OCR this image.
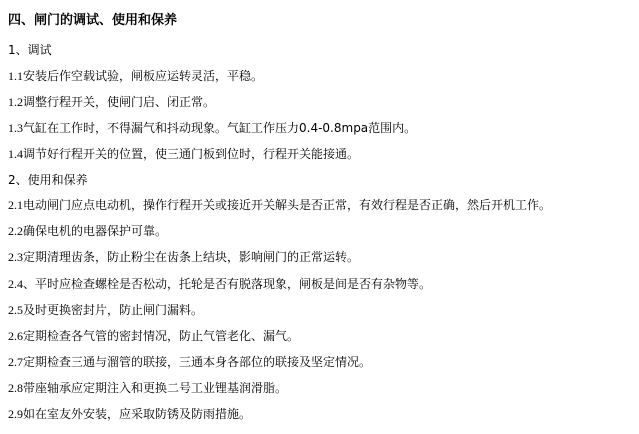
四、闸门的调试、使用和保养
1、调试
1.1安装后作空载试验，闸板应运转灵活，平稳。
1.2调整行程开关，使闸门启、闭正常。
1.3气缸在工作时，不得漏气和抖动现象。气缸工作压力0.4-0.8mpa范围内。
1.4调节好行程开关的位置，使三通门板到位时，行程开关能接通。
2、使用和保养
2.1电动闸门应点电动机，操作行程开关或接近开关解头是否正常，有效行程是否正确，然后开机工作。
2.2确保电机的电器保护可靠。
2.3定期清理齿条，防止粉尘在齿条上结块，影响闸门的正常运转。
2.4、平时应检查螺栓是否松动，托轮是否有脱落现象，闸板是间是否有杂物等。
2.5及时更换密封片，防止闸门漏料。
2.6定期检查各气管的密封情况，防止气管老化、漏气。
2.7定期检查三通与溜管的联接，三通本身各部位的联接及坚定情况。
2.8带座轴承应定期注入和更换二号工业锂基润滑脂。
2.9如在室友外安装，应采取防锈及防雨措施。
